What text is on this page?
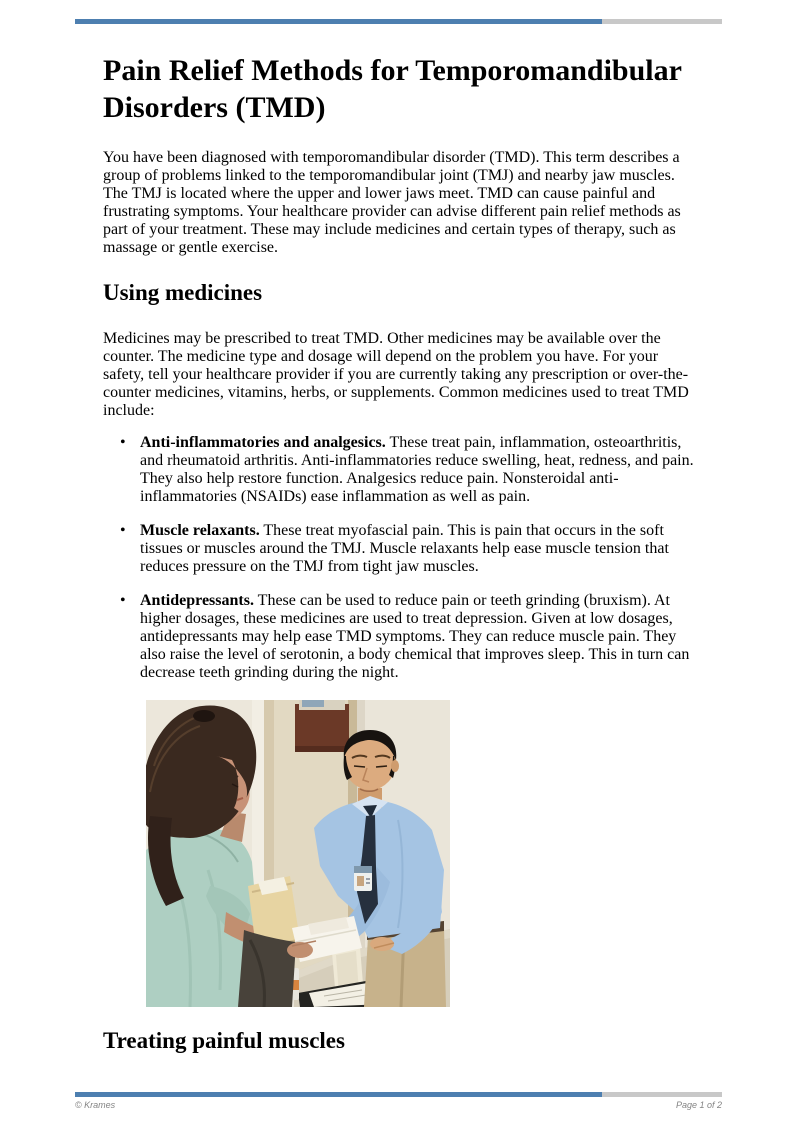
Pain Relief Methods for Temporomandibular Disorders (TMD)

You have been diagnosed with temporomandibular disorder (TMD). This term describes a group of problems linked to the temporomandibular joint (TMJ) and nearby jaw muscles. The TMJ is located where the upper and lower jaws meet. TMD can cause painful and frustrating symptoms. Your healthcare provider can advise different pain relief methods as part of your treatment. These may include medicines and certain types of therapy, such as massage or gentle exercise.

Using medicines

Medicines may be prescribed to treat TMD. Other medicines may be available over the counter. The medicine type and dosage will depend on the problem you have. For your safety, tell your healthcare provider if you are currently taking any prescription or over-the-counter medicines, vitamins, herbs, or supplements. Common medicines used to treat TMD include:

• Anti-inflammatories and analgesics. These treat pain, inflammation, osteoarthritis, and rheumatoid arthritis. Anti-inflammatories reduce swelling, heat, redness, and pain. They also help restore function. Analgesics reduce pain. Nonsteroidal anti-inflammatories (NSAIDs) ease inflammation as well as pain.
• Muscle relaxants. These treat myofascial pain. This is pain that occurs in the soft tissues or muscles around the TMJ. Muscle relaxants help ease muscle tension that reduces pressure on the TMJ from tight jaw muscles.
• Antidepressants. These can be used to reduce pain or teeth grinding (bruxism). At higher dosages, these medicines are used to treat depression. Given at low dosages, antidepressants may help ease TMD symptoms. They can reduce muscle pain. They also raise the level of serotonin, a body chemical that improves sleep. This in turn can decrease teeth grinding during the night.
Treating painful muscles
© Krames	Page 1 of 2
